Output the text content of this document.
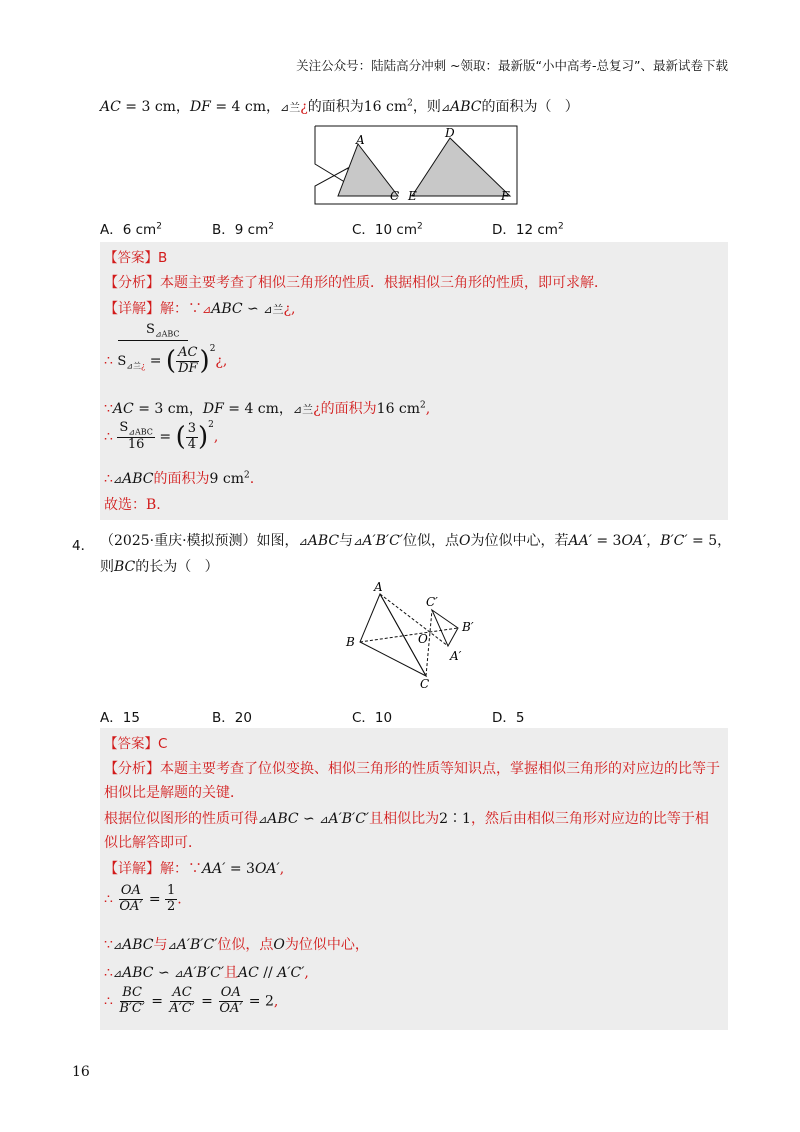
关注公众号：陆陆高分冲刺 ~领取：最新版“小中高考-总复习”、最新试卷下载
AC = 3 cm，DF = 4 cm，⊿兰¿的面积为16 $cm^2$，则⊿ABC的面积为（   ）
A
C E
D
F
A．6 $cm^2$	B．9 $cm^2$	C．10 $cm^2$	D．12 $cm^2$
【答案】B
【分析】本题主要考查了相似三角形的性质．根据相似三角形的性质，即可求解．
【详解】解：∵⊿ABC ∽ ⊿兰¿,
$S_{⊿ABC}$
∴ $S_{⊿兰¿}$ = ( $\frac{AC}{DF}$ )$^2$¿,
∵AC = 3 cm，DF = 4 cm，⊿兰¿的面积为16 $cm^2$,
∴ $\frac{S_{⊿ABC}}{16}$ = ( $\frac{3}{4} )^2$,
∴⊿ABC的面积为9 $cm^2$.
故选：B.
4． （2025·重庆·模拟预测）如图，⊿ABC与⊿A′B′C′位似，点O为位似中心，若AA′ = 3OA′，B′C′ = 5，
则BC的长为（   ）
A
B
C
O
C′
B′
A′
A．15	B．20	C．10	D．5
【答案】C
【分析】本题主要考查了位似变换、相似三角形的性质等知识点，掌握相似三角形的对应边的比等于
相似比是解题的关键．
根据位似图形的性质可得⊿ABC ∽ ⊿A′B′C′且相似比为2∶1，然后由相似三角形对应边的比等于相
似比解答即可．
【详解】解：∵AA′ = 3OA′,
∴ $\frac{OA}{OA'} = \frac{1}{2}$ .
∵⊿ABC与⊿A′B′C′位似，点O为位似中心，
∴⊿ABC ∽ ⊿A′B′C′且AC // A′C′,
∴ $\frac{BC}{B'C'} = \frac{AC}{A'C'} = \frac{OA}{OA'} = 2$,
16
